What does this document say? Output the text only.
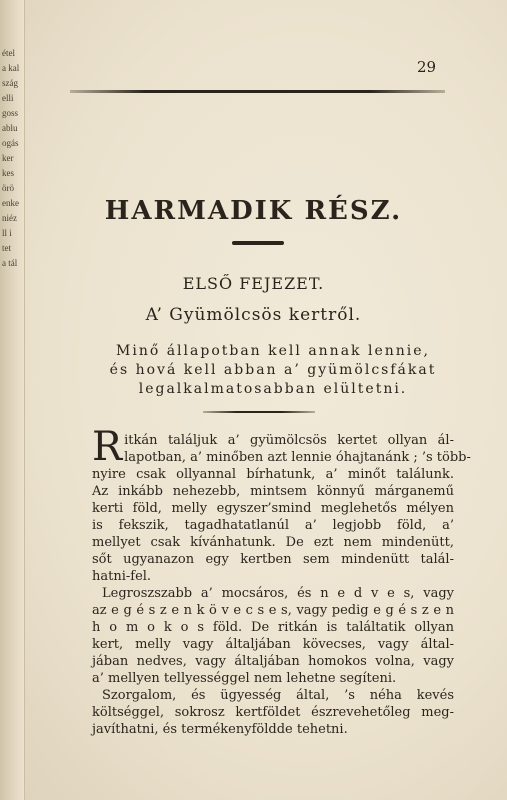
étel
a kal
szág
elli
goss
ablu
ogás
ker
kes
örö
enke
niéz
ll i
tet
a tál
29
HARMADIK RÉSZ.
ELSŐ FEJEZET.
A’ Gyümölcsös kertről.
Minő állapotban kell annak lennie,
és hová kell abban a’ gyümölcsfákat
legalkalmatosabban elültetni.
R itkán találjuk a’ gyümölcsös kertet ollyan ál-
lapotban, a’ minőben azt lennie óhajtanánk ; ’s több-
nyire csak ollyannal bírhatunk, a’ minőt találunk.
Az inkább nehezebb, mintsem könnyű márganemű
kerti föld, melly egyszer’smind meglehetős mélyen
is fekszik, tagadhatatlanúl a’ legjobb föld, a’
mellyet csak kívánhatunk. De ezt nem mindenütt,
sőt ugyanazon egy kertben sem mindenütt talál-
hatni-fel.
Legroszszabb a’ mocsáros, és n e d v e s, vagy
az e g é s z e n k ö v e c s e s, vagy pedig e g é s z e n
h o m o k o s föld. De ritkán is találtatik ollyan
kert, melly vagy általjában kövecses, vagy által-
jában nedves, vagy általjában homokos volna, vagy
a’ mellyen tellyességgel nem lehetne segíteni.
Szorgalom, és ügyesség által, ’s néha kevés
költséggel, sokrosz kertföldet észrevehetőleg meg-
javíthatni, és termékenyföldde tehetni.
